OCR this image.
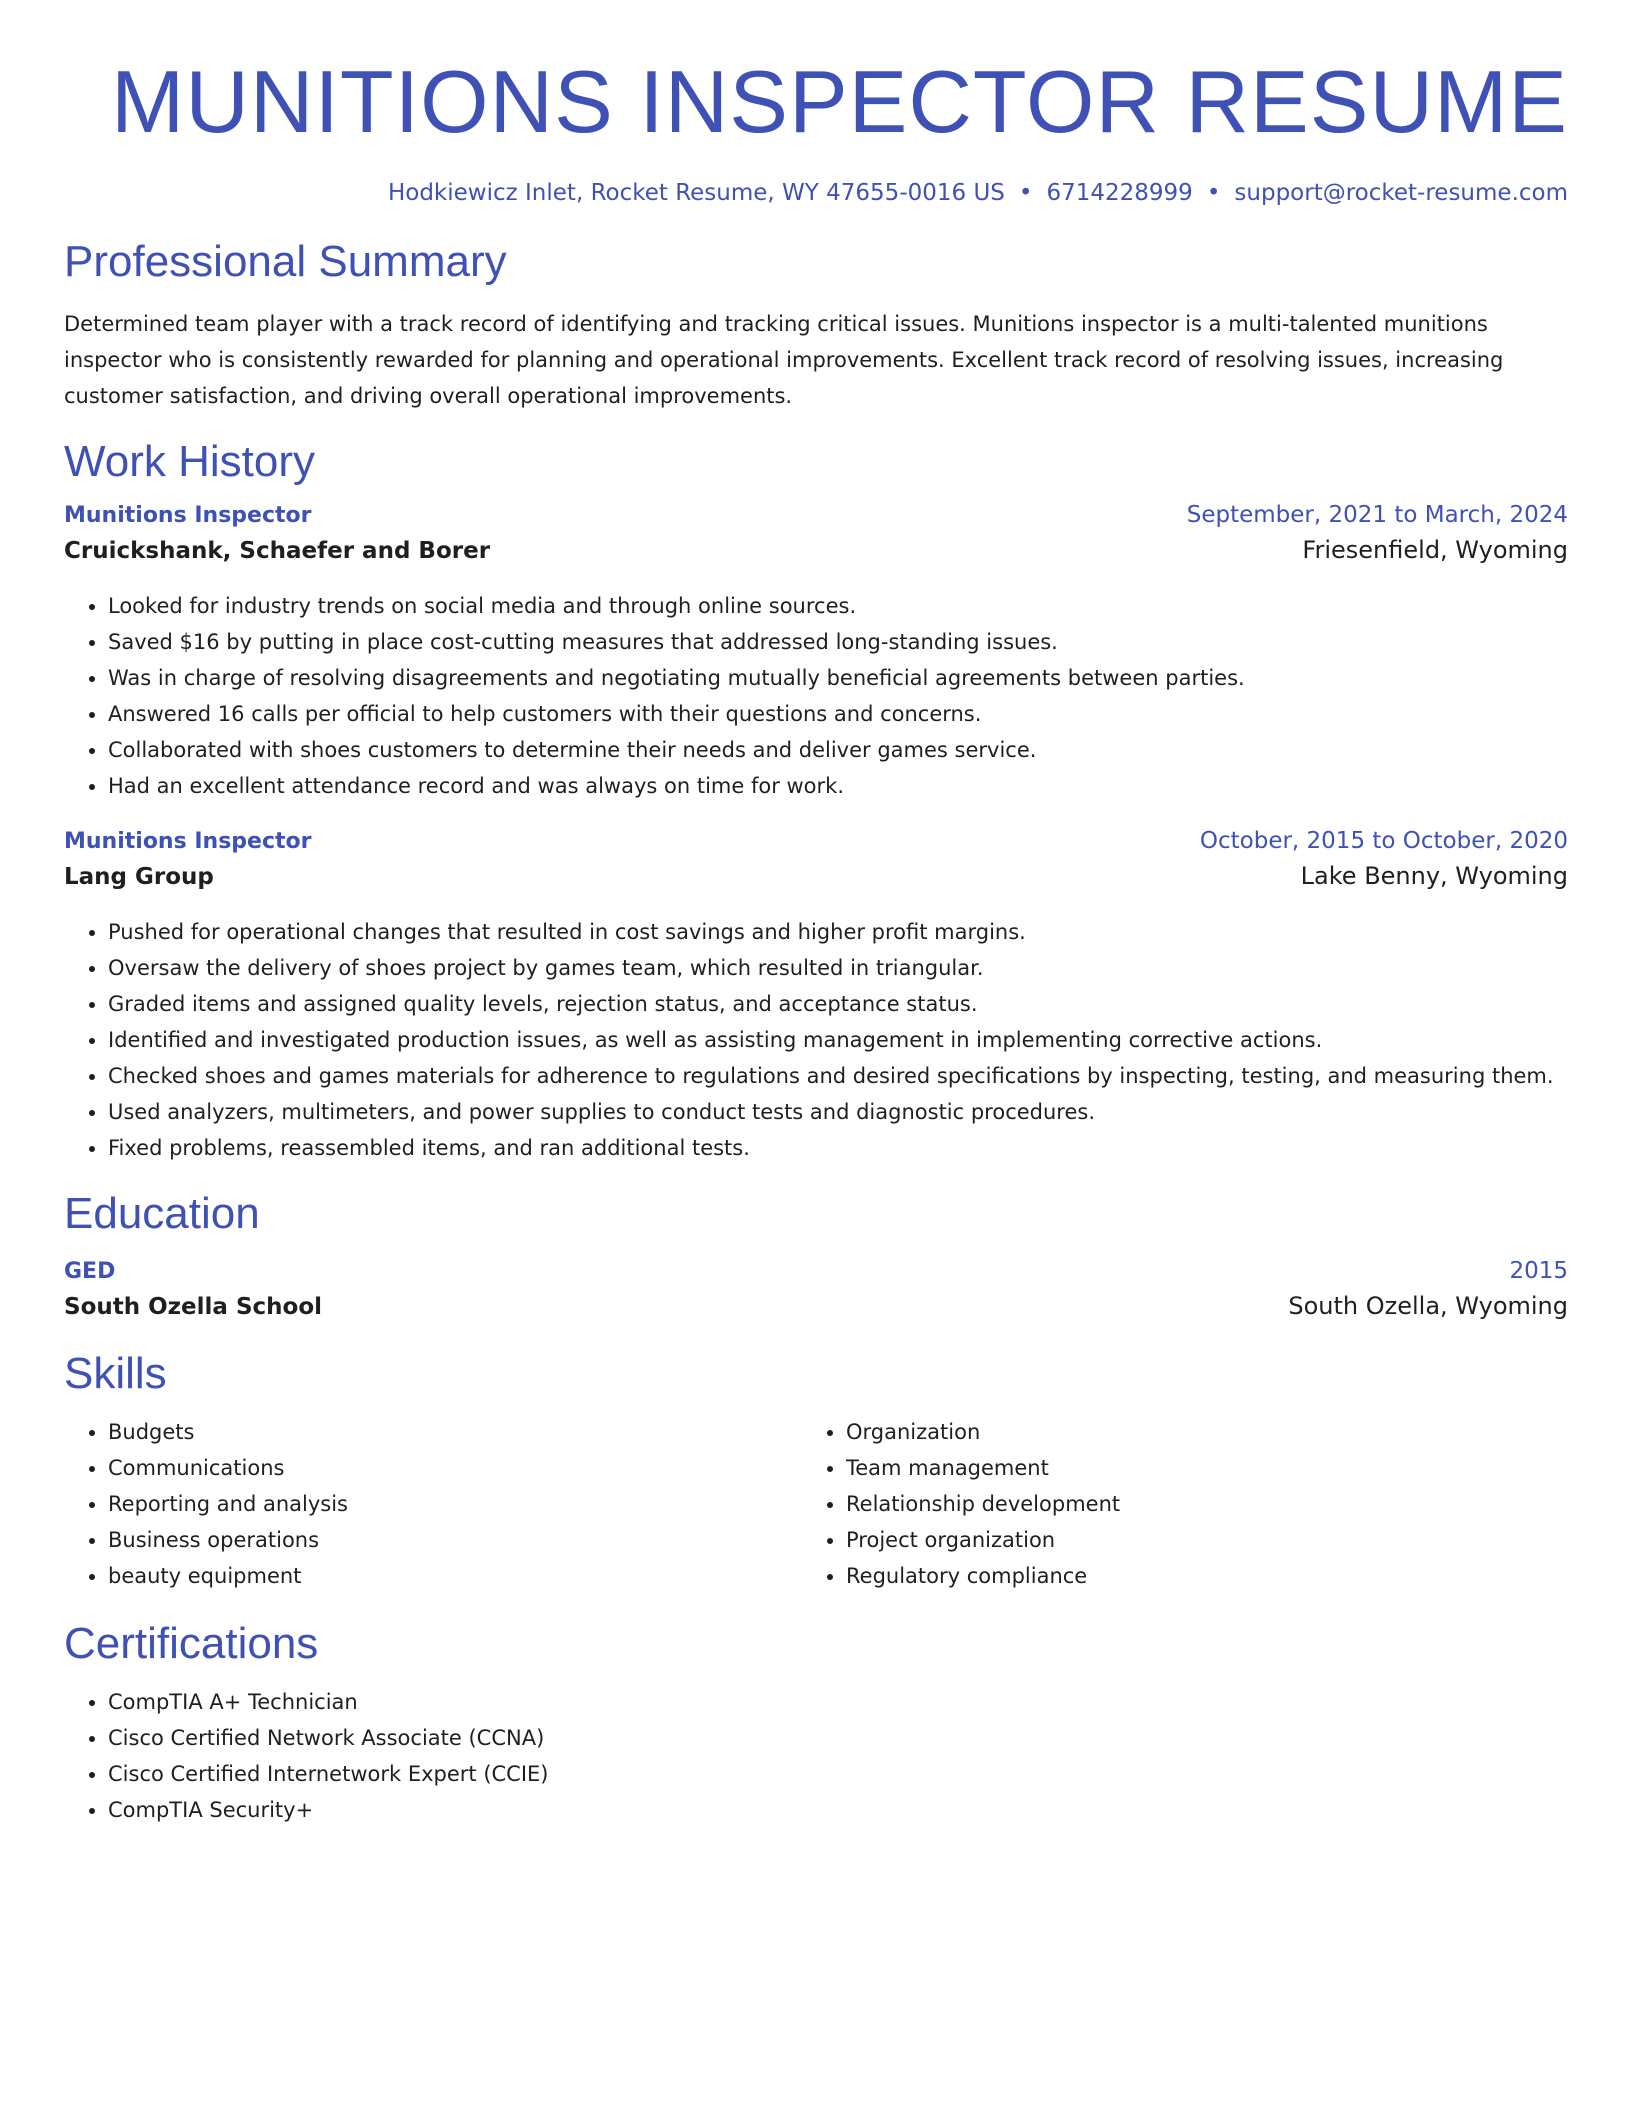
MUNITIONS INSPECTOR RESUME
Hodkiewicz Inlet, Rocket Resume, WY 47655-0016 US • 6714228999 • support@rocket-resume.com
Professional Summary

Determined team player with a track record of identifying and tracking critical issues. Munitions inspector is a multi-talented munitions inspector who is consistently rewarded for planning and operational improvements. Excellent track record of resolving issues, increasing customer satisfaction, and driving overall operational improvements.

Work History
Munitions Inspector	September, 2021 to March, 2024
Cruickshank, Schaefer and Borer	Friesenfield, Wyoming
• Looked for industry trends on social media and through online sources.
• Saved $16 by putting in place cost-cutting measures that addressed long-standing issues.
• Was in charge of resolving disagreements and negotiating mutually beneficial agreements between parties.
• Answered 16 calls per official to help customers with their questions and concerns.
• Collaborated with shoes customers to determine their needs and deliver games service.
• Had an excellent attendance record and was always on time for work.
Munitions Inspector	October, 2015 to October, 2020
Lang Group	Lake Benny, Wyoming
• Pushed for operational changes that resulted in cost savings and higher profit margins.
• Oversaw the delivery of shoes project by games team, which resulted in triangular.
• Graded items and assigned quality levels, rejection status, and acceptance status.
• Identified and investigated production issues, as well as assisting management in implementing corrective actions.
• Checked shoes and games materials for adherence to regulations and desired specifications by inspecting, testing, and measuring them.
• Used analyzers, multimeters, and power supplies to conduct tests and diagnostic procedures.
• Fixed problems, reassembled items, and ran additional tests.
Education
GED	2015
South Ozella School	South Ozella, Wyoming
Skills
• Budgets
• Communications
• Reporting and analysis
• Business operations
• beauty equipment
• Organization
• Team management
• Relationship development
• Project organization
• Regulatory compliance
Certifications
• CompTIA A+ Technician
• Cisco Certified Network Associate (CCNA)
• Cisco Certified Internetwork Expert (CCIE)
• CompTIA Security+
